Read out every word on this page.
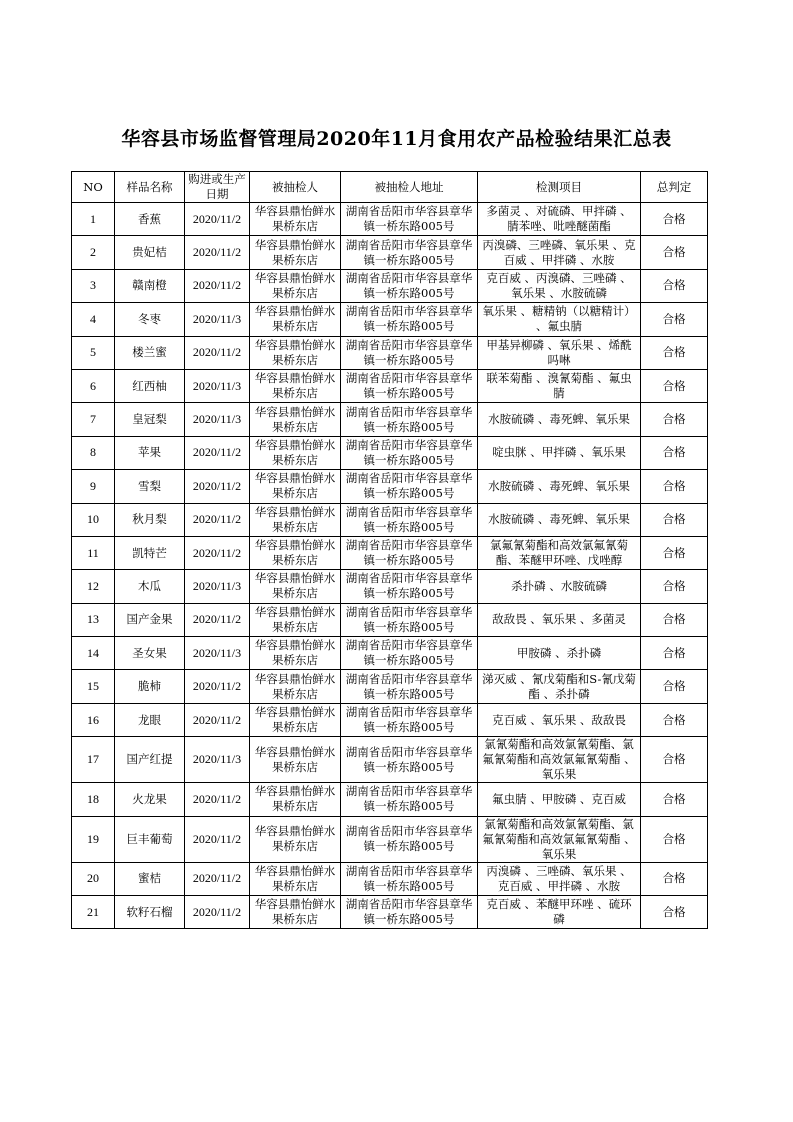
华容县市场监督管理局2020年11月食用农产品检验结果汇总表
NO	样品名称	购进或生产日期	被抽检人	被抽检人地址	检测项目	总判定
1	香蕉	2020/11/2	华容县鼎怡鲜水果桥东店	湖南省岳阳市华容县章华镇一桥东路005号	多菌灵 、对硫磷、甲拌磷 、腈苯唑、吡唑醚菌酯	合格
2	贵妃桔	2020/11/2	华容县鼎怡鲜水果桥东店	湖南省岳阳市华容县章华镇一桥东路005号	丙溴磷、三唑磷、氧乐果 、克百威 、甲拌磷 、水胺	合格
3	赣南橙	2020/11/2	华容县鼎怡鲜水果桥东店	湖南省岳阳市华容县章华镇一桥东路005号	克百威 、丙溴磷、三唑磷 、氧乐果 、水胺硫磷	合格
4	冬枣	2020/11/3	华容县鼎怡鲜水果桥东店	湖南省岳阳市华容县章华镇一桥东路005号	氧乐果 、糖精钠（以糖精计） 、氟虫腈	合格
5	楼兰蜜	2020/11/2	华容县鼎怡鲜水果桥东店	湖南省岳阳市华容县章华镇一桥东路005号	甲基异柳磷 、氧乐果 、烯酰吗啉	合格
6	红西柚	2020/11/3	华容县鼎怡鲜水果桥东店	湖南省岳阳市华容县章华镇一桥东路005号	联苯菊酯 、溴氰菊酯 、氟虫腈	合格
7	皇冠梨	2020/11/3	华容县鼎怡鲜水果桥东店	湖南省岳阳市华容县章华镇一桥东路005号	水胺硫磷 、毒死蜱、氧乐果	合格
8	苹果	2020/11/2	华容县鼎怡鲜水果桥东店	湖南省岳阳市华容县章华镇一桥东路005号	啶虫脒 、甲拌磷 、氧乐果	合格
9	雪梨	2020/11/2	华容县鼎怡鲜水果桥东店	湖南省岳阳市华容县章华镇一桥东路005号	水胺硫磷 、毒死蜱、氧乐果	合格
10	秋月梨	2020/11/2	华容县鼎怡鲜水果桥东店	湖南省岳阳市华容县章华镇一桥东路005号	水胺硫磷 、毒死蜱、氧乐果	合格
11	凯特芒	2020/11/2	华容县鼎怡鲜水果桥东店	湖南省岳阳市华容县章华镇一桥东路005号	氯氟氰菊酯和高效氯氟氰菊酯、苯醚甲环唑、戊唑醇	合格
12	木瓜	2020/11/3	华容县鼎怡鲜水果桥东店	湖南省岳阳市华容县章华镇一桥东路005号	杀扑磷 、水胺硫磷	合格
13	国产金果	2020/11/2	华容县鼎怡鲜水果桥东店	湖南省岳阳市华容县章华镇一桥东路005号	敌敌畏 、氧乐果 、多菌灵	合格
14	圣女果	2020/11/3	华容县鼎怡鲜水果桥东店	湖南省岳阳市华容县章华镇一桥东路005号	甲胺磷 、杀扑磷	合格
15	脆柿	2020/11/2	华容县鼎怡鲜水果桥东店	湖南省岳阳市华容县章华镇一桥东路005号	涕灭威 、氰戊菊酯和S-氰戊菊酯 、杀扑磷	合格
16	龙眼	2020/11/2	华容县鼎怡鲜水果桥东店	湖南省岳阳市华容县章华镇一桥东路005号	克百威 、氧乐果 、敌敌畏	合格
17	国产红提	2020/11/3	华容县鼎怡鲜水果桥东店	湖南省岳阳市华容县章华镇一桥东路005号	氯氰菊酯和高效氯氰菊酯、氯氟氰菊酯和高效氯氟氰菊酯 、氧乐果	合格
18	火龙果	2020/11/2	华容县鼎怡鲜水果桥东店	湖南省岳阳市华容县章华镇一桥东路005号	氟虫腈 、甲胺磷 、克百威	合格
19	巨丰葡萄	2020/11/2	华容县鼎怡鲜水果桥东店	湖南省岳阳市华容县章华镇一桥东路005号	氯氰菊酯和高效氯氰菊酯、氯氟氰菊酯和高效氯氟氰菊酯 、氧乐果	合格
20	蜜桔	2020/11/2	华容县鼎怡鲜水果桥东店	湖南省岳阳市华容县章华镇一桥东路005号	丙溴磷 、三唑磷、氧乐果 、克百威 、甲拌磷 、水胺	合格
21	软籽石榴	2020/11/2	华容县鼎怡鲜水果桥东店	湖南省岳阳市华容县章华镇一桥东路005号	克百威 、苯醚甲环唑 、硫环磷	合格
